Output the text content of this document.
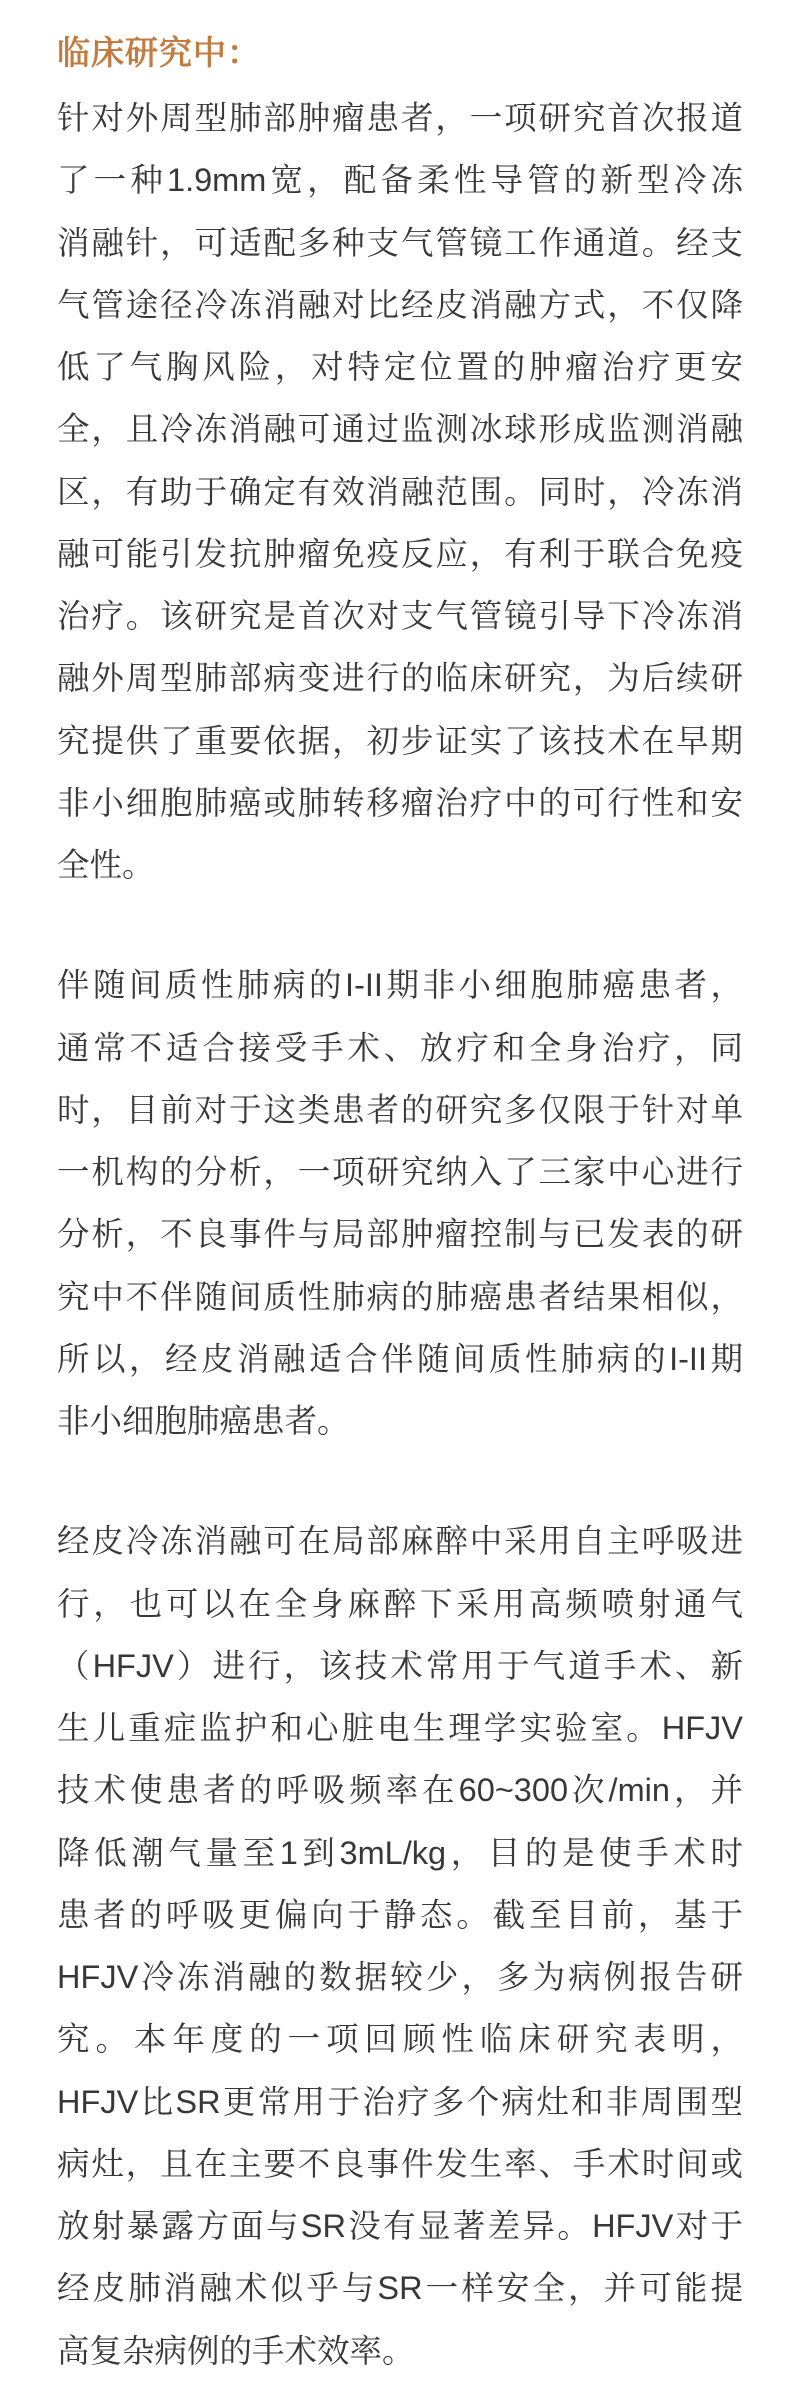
临床研究中：

针对外周型肺部肿瘤患者，一项研究首次报道
了一种1.9mm宽，配备柔性导管的新型冷冻
消融针，可适配多种支气管镜工作通道。经支
气管途径冷冻消融对比经皮消融方式，不仅降
低了气胸风险，对特定位置的肿瘤治疗更安
全，且冷冻消融可通过监测冰球形成监测消融
区，有助于确定有效消融范围。同时，冷冻消
融可能引发抗肿瘤免疫反应，有利于联合免疫
治疗。该研究是首次对支气管镜引导下冷冻消
融外周型肺部病变进行的临床研究，为后续研
究提供了重要依据，初步证实了该技术在早期
非小细胞肺癌或肺转移瘤治疗中的可行性和安
全性。

伴随间质性肺病的I-II期非小细胞肺癌患者，
通常不适合接受手术、放疗和全身治疗，同
时，目前对于这类患者的研究多仅限于针对单
一机构的分析，一项研究纳入了三家中心进行
分析，不良事件与局部肿瘤控制与已发表的研
究中不伴随间质性肺病的肺癌患者结果相似，
所以，经皮消融适合伴随间质性肺病的I-II期
非小细胞肺癌患者。

经皮冷冻消融可在局部麻醉中采用自主呼吸进
行，也可以在全身麻醉下采用高频喷射通气
（HFJV）进行，该技术常用于气道手术、新
生儿重症监护和心脏电生理学实验室。HFJV
技术使患者的呼吸频率在60~300次/min，并
降低潮气量至1到3mL/kg，目的是使手术时
患者的呼吸更偏向于静态。截至目前，基于
HFJV冷冻消融的数据较少，多为病例报告研
究。本年度的一项回顾性临床研究表明，
HFJV比SR更常用于治疗多个病灶和非周围型
病灶，且在主要不良事件发生率、手术时间或
放射暴露方面与SR没有显著差异。HFJV对于
经皮肺消融术似乎与SR一样安全，并可能提
高复杂病例的手术效率。
